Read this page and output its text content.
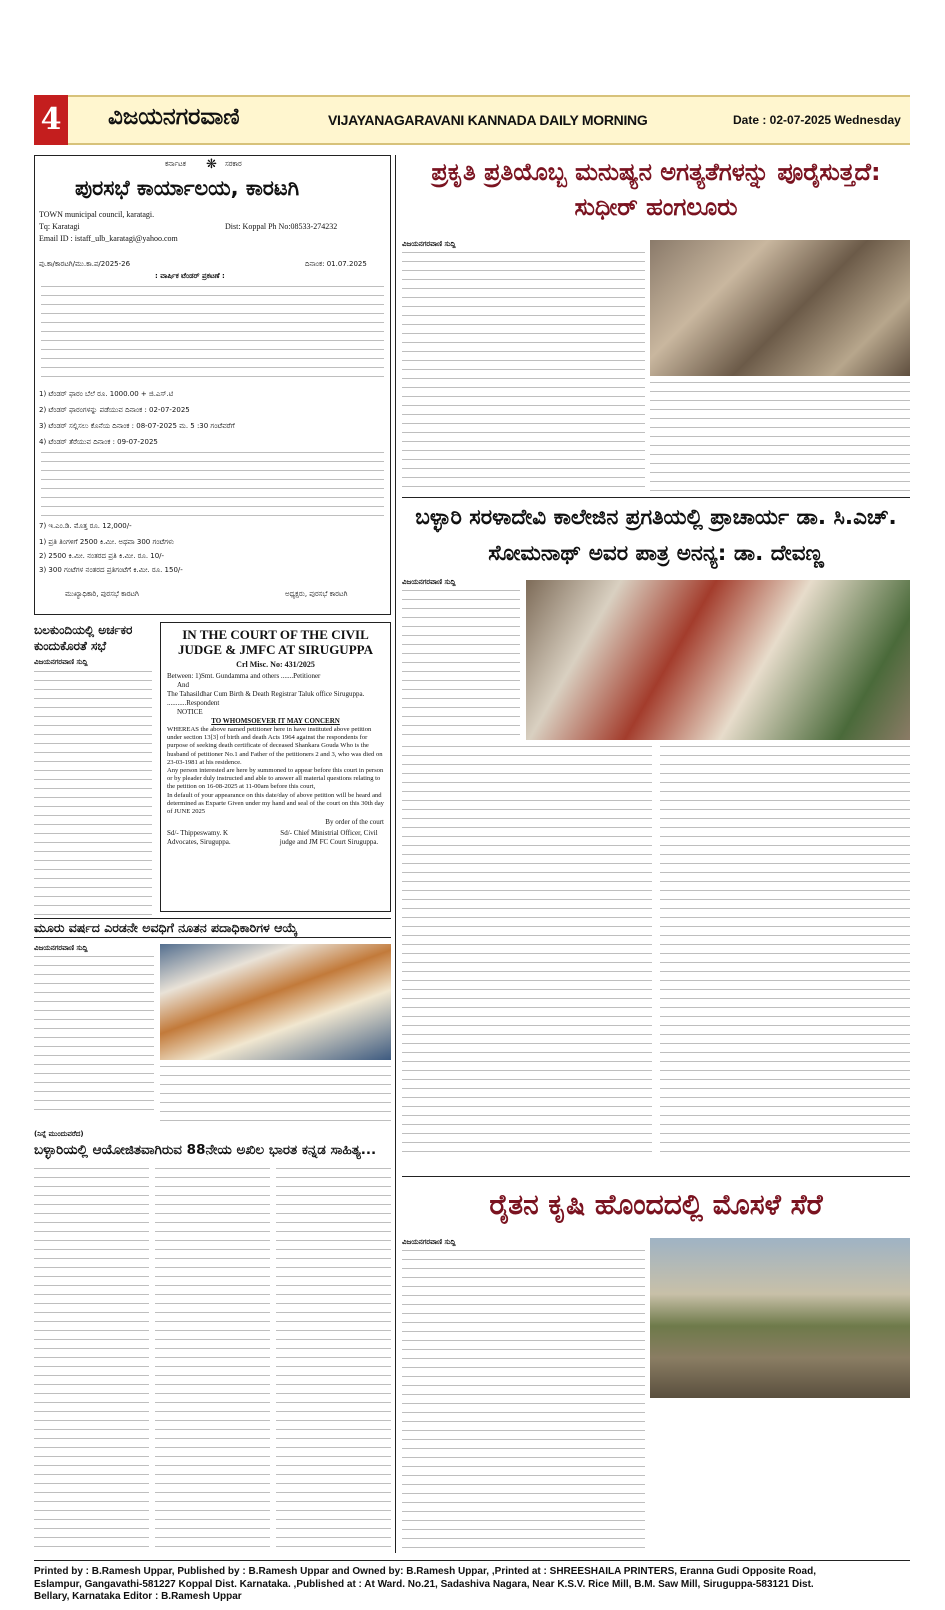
4 ವಿಜಯನಗರವಾಣಿ	VIJAYANAGARAVANI KANNADA DAILY MORNING	Date : 02-07-2025 Wednesday
ಕರ್ನಾಟಕ ❋ ಸರಕಾರ
ಪುರಸಭೆ ಕಾರ್ಯಾಲಯ, ಕಾರಟಗಿ
TOWN municipal council, karatagi.
Tq: Karatagi	Dist: Koppal Ph No:08533-274232
Email ID : istaff_ulb_karatagi@yahoo.com
ಪು.ಕಾ/ಕಾರಟಗಿ/ಮು.ಕಾ.ಪ/2025-26	ದಿನಾಂಕ: 01.07.2025
: ವಾರ್ಷಿಕ ಟೆಂಡರ್ ಪ್ರಕಟಣೆ :
1) ಟೆಂಡರ್ ಫಾರಂ ಬೆಲೆ ರೂ. 1000.00 + ಜಿ.ಎಸ್.ಟಿ
2) ಟೆಂಡರ್ ಫಾರಂಗಳನ್ನು ಪಡೆಯುವ ದಿನಾಂಕ : 02-07-2025
3) ಟೆಂಡರ್ ಸಲ್ಲಿಸಲು ಕೊನೆಯ ದಿನಾಂಕ : 08-07-2025 ಮ. 5 :30 ಗಂಟೆವರೆಗೆ
4) ಟೆಂಡರ್ ತೆರೆಯುವ ದಿನಾಂಕ : 09-07-2025
7) ಇ.ಎಂ.ಡಿ. ಮೊತ್ತ ರೂ. 12,000/-
1) ಪ್ರತಿ ತಿಂಗಳಿಗೆ 2500 ಕಿ.ಮೀ. ಅಥವಾ 300 ಗಂಟೆಗಳು
2) 2500 ಕಿ.ಮೀ. ನಂತರದ ಪ್ರತಿ ಕಿ.ಮೀ. ರೂ. 10/-
3) 300 ಗಂಟೆಗಳ ನಂತರದ ಪ್ರತಿಗಂಟೆಗೆ ಕಿ.ಮೀ. ರೂ. 150/-
ಮುಖ್ಯಾಧಿಕಾರಿ, ಪುರಸಭೆ ಕಾರಟಗಿ	ಅಧ್ಯಕ್ಷರು, ಪುರಸಭೆ ಕಾರಟಗಿ
ಬಲಕುಂದಿಯಲ್ಲಿ ಅರ್ಚಕರ ಕುಂದುಕೊರತೆ ಸಭೆ
ವಿಜಯನಗರವಾಣಿ ಸುದ್ದಿ
IN THE COURT OF THE CIVIL JUDGE & JMFC AT SIRUGUPPA
Crl Misc. No: 431/2025
Between: 1)Smt. Gundamma and others .......Petitioner
And
The Tahasildhar Cum Birth & Death Registrar Taluk office Siruguppa. ...........Respondent
NOTICE
TO WHOMSOEVER IT MAY CONCERN
WHEREAS the above named petitioner here in have instituted above petition under section 13[3] of birth and death Acts 1964 against the respondents for purpose of seeking death certificate of deceased Shankara Gouda Who is the husband of petitioner No.1 and Father of the petitioners 2 and 3, who was died on 23-03-1981 at his residence.
Any person interested are here by summoned to appear before this court in person or by pleader duly instructed and able to answer all material questions relating to the petition on 16-08-2025 at 11-00am before this court,
In default of your appearance on this date/day of above petition will be heard and determined as Exparte Given under my hand and seal of the court on this 30th day of JUNE 2025
By order of the court
Sd/- Thippeswamy. K Advocates, Siruguppa.
Sd/- Chief Ministrial Officer, Civil judge and JM FC Court Siruguppa.
ಮೂರು ವರ್ಷದ ಎರಡನೇ ಅವಧಿಗೆ ನೂತನ ಪದಾಧಿಕಾರಿಗಳ ಆಯ್ಕೆ
ವಿಜಯನಗರವಾಣಿ ಸುದ್ದಿ
(ನಿನ್ನೆ ಮುಂದುವರೆದ)
ಬಳ್ಳಾರಿಯಲ್ಲಿ ಆಯೋಜಿತವಾಗಿರುವ 88ನೇಯ ಅಖಿಲ ಭಾರತ ಕನ್ನಡ ಸಾಹಿತ್ಯ...
ಪ್ರಕೃತಿ ಪ್ರತಿಯೊಬ್ಬ ಮನುಷ್ಯನ ಅಗತ್ಯತೆಗಳನ್ನು ಪೂರೈಸುತ್ತದೆ: ಸುಧೀರ್ ಹಂಗಲೂರು
ವಿಜಯನಗರವಾಣಿ ಸುದ್ದಿ
ಬಳ್ಳಾರಿ ಸರಳಾದೇವಿ ಕಾಲೇಜಿನ ಪ್ರಗತಿಯಲ್ಲಿ ಪ್ರಾಚಾರ್ಯ ಡಾ. ಸಿ.ಎಚ್. ಸೋಮನಾಥ್ ಅವರ ಪಾತ್ರ ಅನನ್ಯ: ಡಾ. ದೇವಣ್ಣ
ವಿಜಯನಗರವಾಣಿ ಸುದ್ದಿ
ರೈತನ ಕೃಷಿ ಹೊಂದದಲ್ಲಿ ಮೊಸಳೆ ಸೆರೆ
ವಿಜಯನಗರವಾಣಿ ಸುದ್ದಿ
Printed by : B.Ramesh Uppar, Published by : B.Ramesh Uppar and Owned by: B.Ramesh Uppar, ,Printed at : SHREESHAILA PRINTERS, Eranna Gudi Opposite Road,
Eslampur, Gangavathi-581227 Koppal Dist. Karnataka. ,Published at : At Ward. No.21, Sadashiva Nagara, Near K.S.V. Rice Mill, B.M. Saw Mill, Siruguppa-583121 Dist.
Bellary, Karnataka Editor : B.Ramesh Uppar
